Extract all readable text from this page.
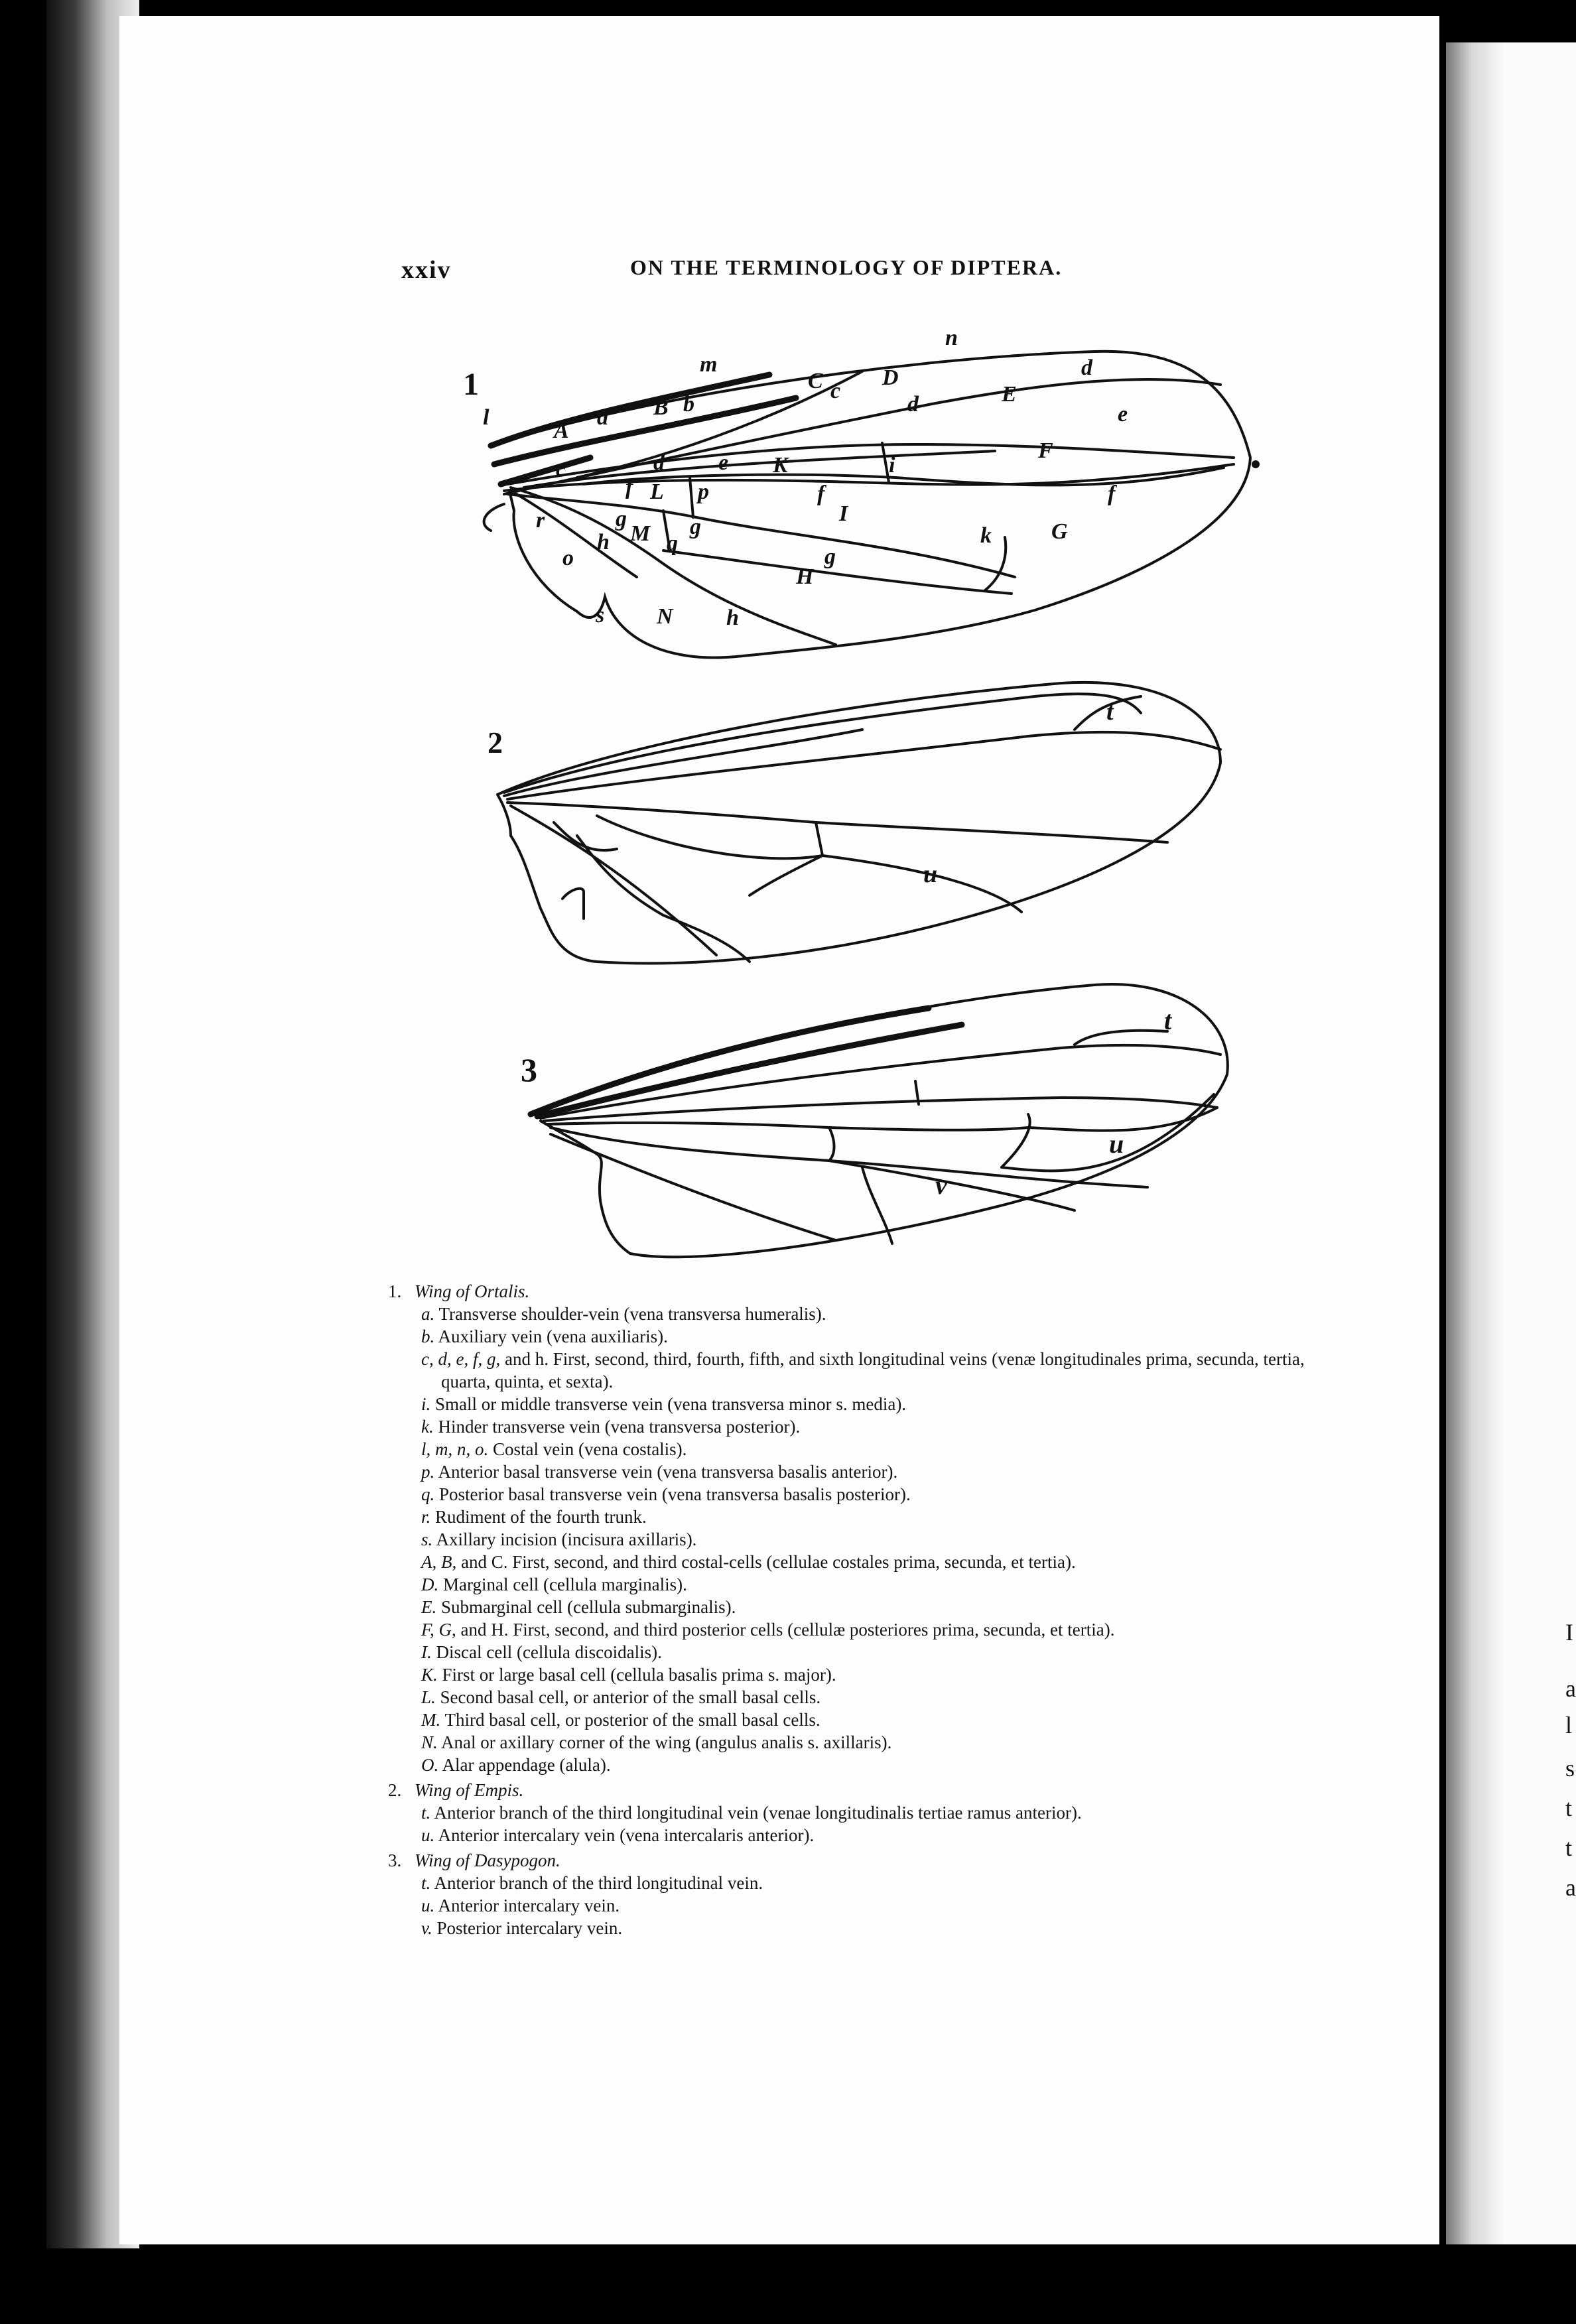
I
a
l
s
t
t
a
xxiv	ON THE TERMINOLOGY OF DIPTERA.
1
2
3
l
m
n
a
A
B b
C c
D
d	E
d
e
c	d e K	i
F
f
f L p	f
I
k	G
r	g
h M q
g
g
H
o
s N h
t
u
t
u
v
1. Wing of Ortalis.
a. Transverse shoulder-vein (vena transversa humeralis).
b. Auxiliary vein (vena auxiliaris).
c, d, e, f, g, and h. First, second, third, fourth, fifth, and sixth longitudinal veins (venæ longitudinales prima, secunda, tertia, quarta, quinta, et sexta).
i. Small or middle transverse vein (vena transversa minor s. media).
k. Hinder transverse vein (vena transversa posterior).
l, m, n, o. Costal vein (vena costalis).
p. Anterior basal transverse vein (vena transversa basalis anterior).
q. Posterior basal transverse vein (vena transversa basalis posterior).
r. Rudiment of the fourth trunk.
s. Axillary incision (incisura axillaris).
A, B, and C. First, second, and third costal-cells (cellulae costales prima, secunda, et tertia).
D. Marginal cell (cellula marginalis).
E. Submarginal cell (cellula submarginalis).
F, G, and H. First, second, and third posterior cells (cellulæ posteriores prima, secunda, et tertia).
I. Discal cell (cellula discoidalis).
K. First or large basal cell (cellula basalis prima s. major).
L. Second basal cell, or anterior of the small basal cells.
M. Third basal cell, or posterior of the small basal cells.
N. Anal or axillary corner of the wing (angulus analis s. axillaris).
O. Alar appendage (alula).
2. Wing of Empis.
t. Anterior branch of the third longitudinal vein (venae longitudinalis tertiae ramus anterior).
u. Anterior intercalary vein (vena intercalaris anterior).
3. Wing of Dasypogon.
t. Anterior branch of the third longitudinal vein.
u. Anterior intercalary vein.
v. Posterior intercalary vein.
